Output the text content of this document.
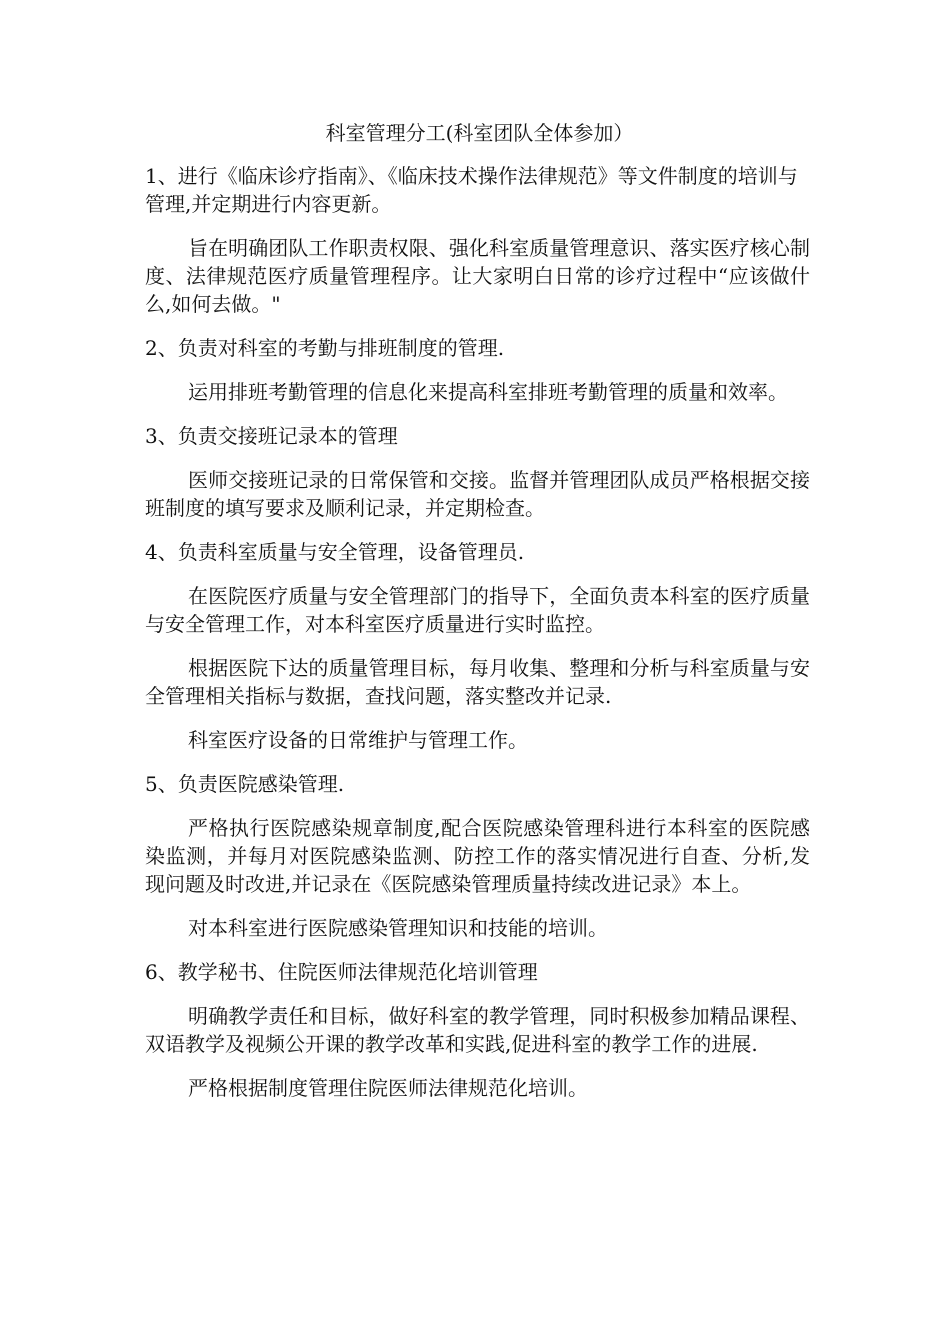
科室管理分工(科室团队全体参加）
1、进行《临床诊疗指南》、《临床技术操作法律规范》等文件制度的培训与管理,并定期进行内容更新。
旨在明确团队工作职责权限、强化科室质量管理意识、落实医疗核心制度、法律规范医疗质量管理程序。让大家明白日常的诊疗过程中“应该做什么,如何去做。"
2、负责对科室的考勤与排班制度的管理.
运用排班考勤管理的信息化来提高科室排班考勤管理的质量和效率。
3、负责交接班记录本的管理
医师交接班记录的日常保管和交接。监督并管理团队成员严格根据交接班制度的填写要求及顺利记录，并定期检查。
4、负责科室质量与安全管理，设备管理员.
在医院医疗质量与安全管理部门的指导下，全面负责本科室的医疗质量与安全管理工作，对本科室医疗质量进行实时监控。
根据医院下达的质量管理目标，每月收集、整理和分析与科室质量与安全管理相关指标与数据，查找问题，落实整改并记录.
科室医疗设备的日常维护与管理工作。
5、负责医院感染管理.
严格执行医院感染规章制度,配合医院感染管理科进行本科室的医院感染监测，并每月对医院感染监测、防控工作的落实情况进行自查、分析,发现问题及时改进,并记录在《医院感染管理质量持续改进记录》本上。
对本科室进行医院感染管理知识和技能的培训。
6、教学秘书、住院医师法律规范化培训管理
明确教学责任和目标，做好科室的教学管理，同时积极参加精品课程、双语教学及视频公开课的教学改革和实践,促进科室的教学工作的进展.
严格根据制度管理住院医师法律规范化培训。
